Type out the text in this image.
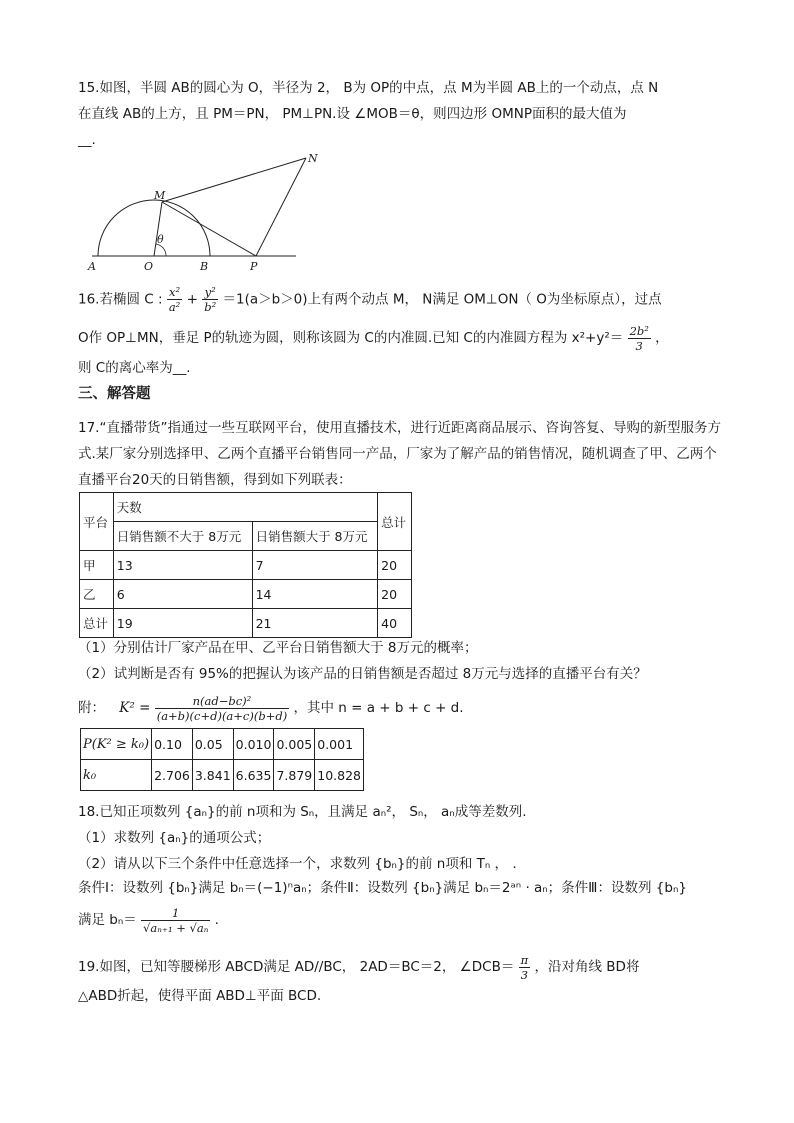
15.如图，半圆 AB的圆心为 O，半径为 2， B为 OP的中点，点 M为半圆 AB上的一个动点，点 N
在直线 AB的上方，且 PM＝PN， PM⊥PN.设 ∠MOB＝θ，则四边形 OMNP面积的最大值为
__.
M
N
θ
A	O	B	P
16.若椭圆 C : $\frac{\text{x²}}{\text{a²}} + \frac{\text{y²}}{\text{b²}} =1(a>b>0)$上有两个动点 M， N满足 OM⊥ON（ O为坐标原点），过点
O作 OP⊥MN，垂足 P的轨迹为圆，则称该圆为 C的内准圆.已知 C的内准圆方程为 $x^2+y^2= \frac{\text{2b²}}{3}$ ，
则 C的离心率为__.
三、解答题
17.“直播带货”指通过一些互联网平台，使用直播技术，进行近距离商品展示、咨询答复、导购的新型服务方
式.某厂家分别选择甲、乙两个直播平台销售同一产品，厂家为了解产品的销售情况，随机调查了甲、乙两个
直播平台20天的日销售额，得到如下列联表：
平台	天数		总计
	日销售额不大于 8万元	日销售额大于 8万元	
甲	13	7	20
乙	6	14	20
总计	19	21	40
（1）分别估计厂家产品在甲、乙平台日销售额大于 8万元的概率；
（2）试判断是否有 95%的把握认为该产品的日销售额是否超过 8万元与选择的直播平台有关？
附： $K^2 = \frac{\text{n(ad−bc)²}}{(a+b)(c+d)(a+c)(b+d)}$ ，其中 n = a + b + c + d.
P(K² ≥ k₀)	0.10	0.05	0.010	0.005	0.001
k₀	2.706	3.841	6.635	7.879	10.828
18.已知正项数列 {aₙ}的前 n项和为 Sₙ，且满足 aₙ²， Sₙ， aₙ成等差数列.
（1）求数列 {aₙ}的通项公式；
（2）请从以下三个条件中任意选择一个，求数列 {bₙ}的前 n项和 Tₙ ， .
条件Ⅰ：设数列 {bₙ}满足 bₙ＝(−1)ⁿaₙ；条件Ⅱ：设数列 {bₙ}满足 bₙ＝2ᵃⁿ · aₙ；条件Ⅲ：设数列 {bₙ}
满足 $b_n= \frac{1}{\text{√aₙ₊₁ + √aₙ}}$ .
19.如图，已知等腰梯形 ABCD满足 AD//BC， 2AD＝BC＝2， ∠DCB＝ $\frac{\pi}{3}$ ，沿对角线 BD将
△ABD折起，使得平面 ABD⊥平面 BCD.
